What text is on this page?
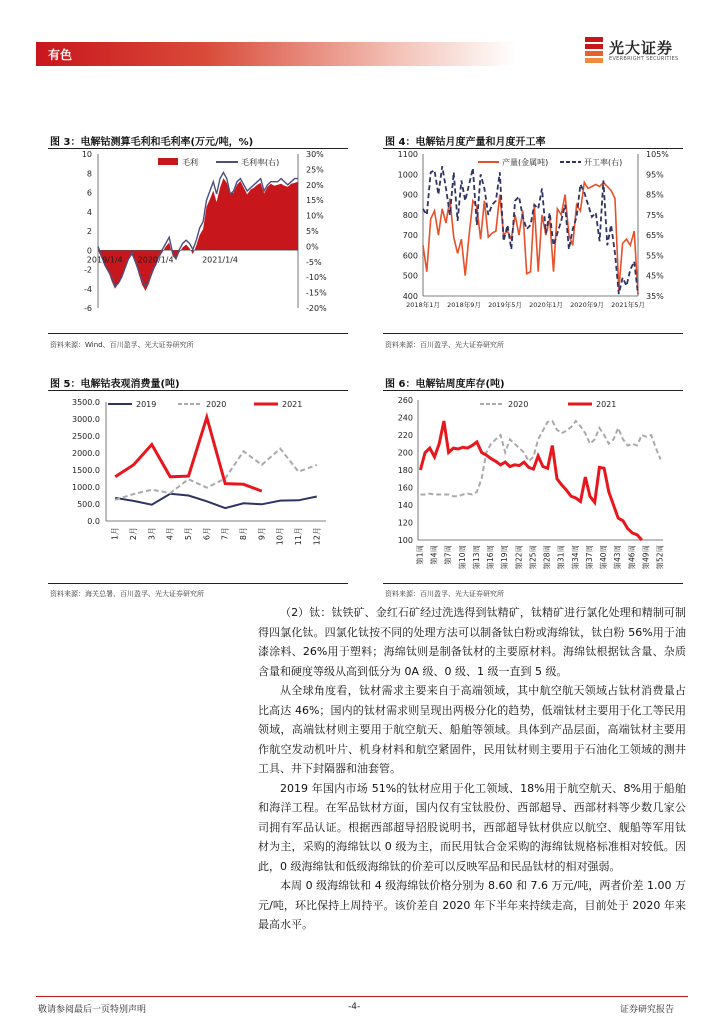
有色	光大证券
EVERBRIGHT SECURITIES
图 3：电解钴测算毛利和毛利率(万元/吨，%)
-6
-4
-2
0
2
4
6
8
10
-20%
-15%
-10%
-5%
0%
5%
10%
15%
20%
25%
30%
2019/1/4 2020/1/4	2021/1/4
毛利	毛利率(右)
资料来源：Wind、百川盈孚、光大证券研究所
图 4：电解钴月度产量和月度开工率
400
500
600
700
800
900
1000
1100
35%
45%
55%
65%
75%
85%
95%
105%
2018年1月 2018年9月 2019年5月 2020年1月 2020年9月 2021年5月
产量(金属吨)	开工率(右)
资料来源：百川盈孚、光大证券研究所
图 5：电解钴表观消费量(吨)
0.0
500.0
1000.0
1500.0
2000.0
2500.0
3000.0
3500.0
1月 2月 3月 4月 5月 6月 7月 8月 9月 10月 11月 12月
2019	2020	2021
资料来源：海关总署、百川盈孚、光大证券研究所
图 6：电解钴周度库存(吨)
100
120
140
160
180
200
220
240
260
第1周 第4周 第7周 第10周 第13周 第16周 第19周 第22周 第25周 第28周 第31周 第34周 第37周 第40周 第43周 第46周 第49周 第52周
2020	2021
资料来源：百川盈孚、光大证券研究所

（2）钛：钛铁矿、金红石矿经过洗选得到钛精矿，钛精矿进行氯化处理和精制可制得四氯化钛。四氯化钛按不同的处理方法可以制备钛白粉或海绵钛，钛白粉 56%用于油漆涂料、26%用于塑料；海绵钛则是制备钛材的主要原材料。海绵钛根据钛含量、杂质含量和硬度等级从高到低分为 0A 级、0 级、1 级一直到 5 级。

从全球角度看，钛材需求主要来自于高端领域，其中航空航天领域占钛材消费量占比高达 46%；国内的钛材需求则呈现出两极分化的趋势，低端钛材主要用于化工等民用领域，高端钛材则主要用于航空航天、船舶等领域。具体到产品层面，高端钛材主要用作航空发动机叶片、机身材料和航空紧固件，民用钛材则主要用于石油化工领域的测井工具、井下封隔器和油套管。

2019 年国内市场 51%的钛材应用于化工领域、18%用于航空航天、8%用于船舶和海洋工程。在军品钛材方面，国内仅有宝钛股份、西部超导、西部材料等少数几家公司拥有军品认证。根据西部超导招股说明书，西部超导钛材供应以航空、舰船等军用钛材为主，采购的海绵钛以 0 级为主，而民用钛合金采购的海绵钛规格标准相对较低。因此，0 级海绵钛和低级海绵钛的价差可以反映军品和民品钛材的相对强弱。

本周 0 级海绵钛和 4 级海绵钛价格分别为 8.60 和 7.6 万元/吨，两者价差 1.00 万元/吨，环比保持上周持平。该价差自 2020 年下半年来持续走高，目前处于 2020 年来最高水平。

敬请参阅最后一页特别声明	-4-	证券研究报告
